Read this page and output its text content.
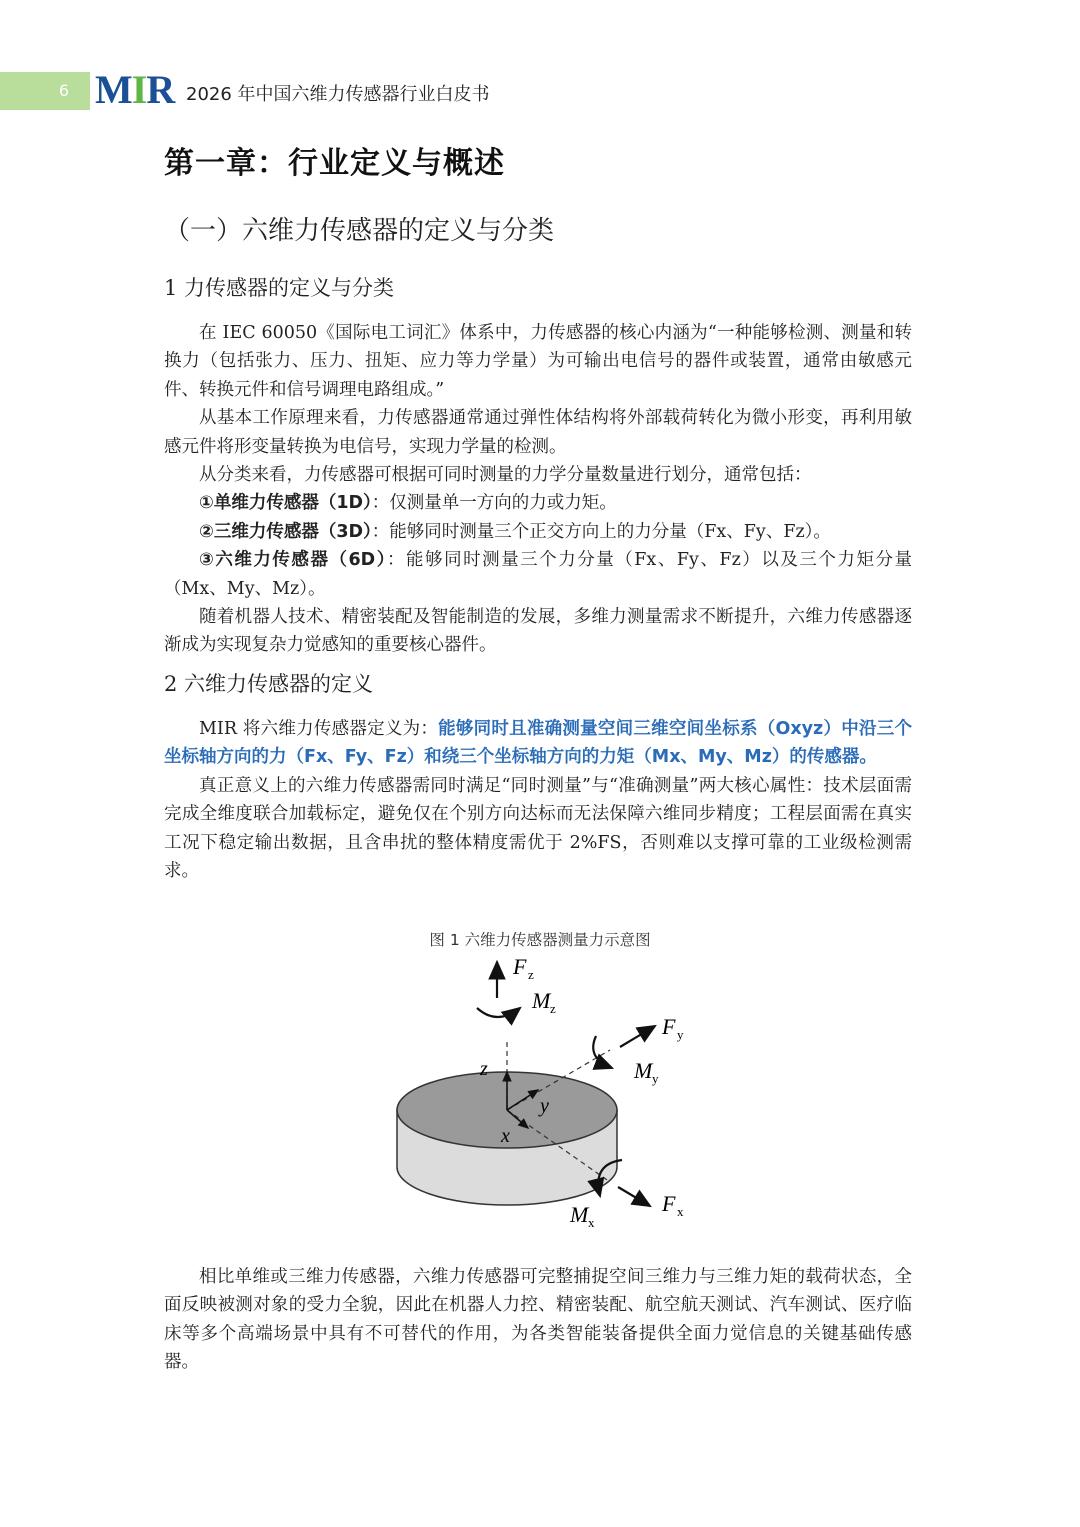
6 MIR 2026 年中国六维力传感器行业白皮书
第一章：行业定义与概述
（一）六维力传感器的定义与分类
1 力传感器的定义与分类

在 IEC 60050《国际电工词汇》体系中，力传感器的核心内涵为“一种能够检测、测量和转换力（包括张力、压力、扭矩、应力等力学量）为可输出电信号的器件或装置，通常由敏感元件、转换元件和信号调理电路组成。”

从基本工作原理来看，力传感器通常通过弹性体结构将外部载荷转化为微小形变，再利用敏感元件将形变量转换为电信号，实现力学量的检测。

从分类来看，力传感器可根据可同时测量的力学分量数量进行划分，通常包括：

①单维力传感器（1D）：仅测量单一方向的力或力矩。

②三维力传感器（3D）：能够同时测量三个正交方向上的力分量（Fx、Fy、Fz）。

③六维力传感器（6D）：能够同时测量三个力分量（Fx、Fy、Fz）以及三个力矩分量（Mx、My、Mz）。

随着机器人技术、精密装配及智能制造的发展，多维力测量需求不断提升，六维力传感器逐渐成为实现复杂力觉感知的重要核心器件。

2 六维力传感器的定义

MIR 将六维力传感器定义为：能够同时且准确测量空间三维空间坐标系（Oxyz）中沿三个坐标轴方向的力（Fx、Fy、Fz）和绕三个坐标轴方向的力矩（Mx、My、Mz）的传感器。

真正意义上的六维力传感器需同时满足“同时测量”与“准确测量”两大核心属性：技术层面需完成全维度联合加载标定，避免仅在个别方向达标而无法保障六维同步精度；工程层面需在真实工况下稳定输出数据，且含串扰的整体精度需优于 2%FS，否则难以支撑可靠的工业级检测需求。

图 1 六维力传感器测量力示意图
z
y
x
F z
M z
F y
M y
F x
M x

相比单维或三维力传感器，六维力传感器可完整捕捉空间三维力与三维力矩的载荷状态，全面反映被测对象的受力全貌，因此在机器人力控、精密装配、航空航天测试、汽车测试、医疗临床等多个高端场景中具有不可替代的作用，为各类智能装备提供全面力觉信息的关键基础传感器。
